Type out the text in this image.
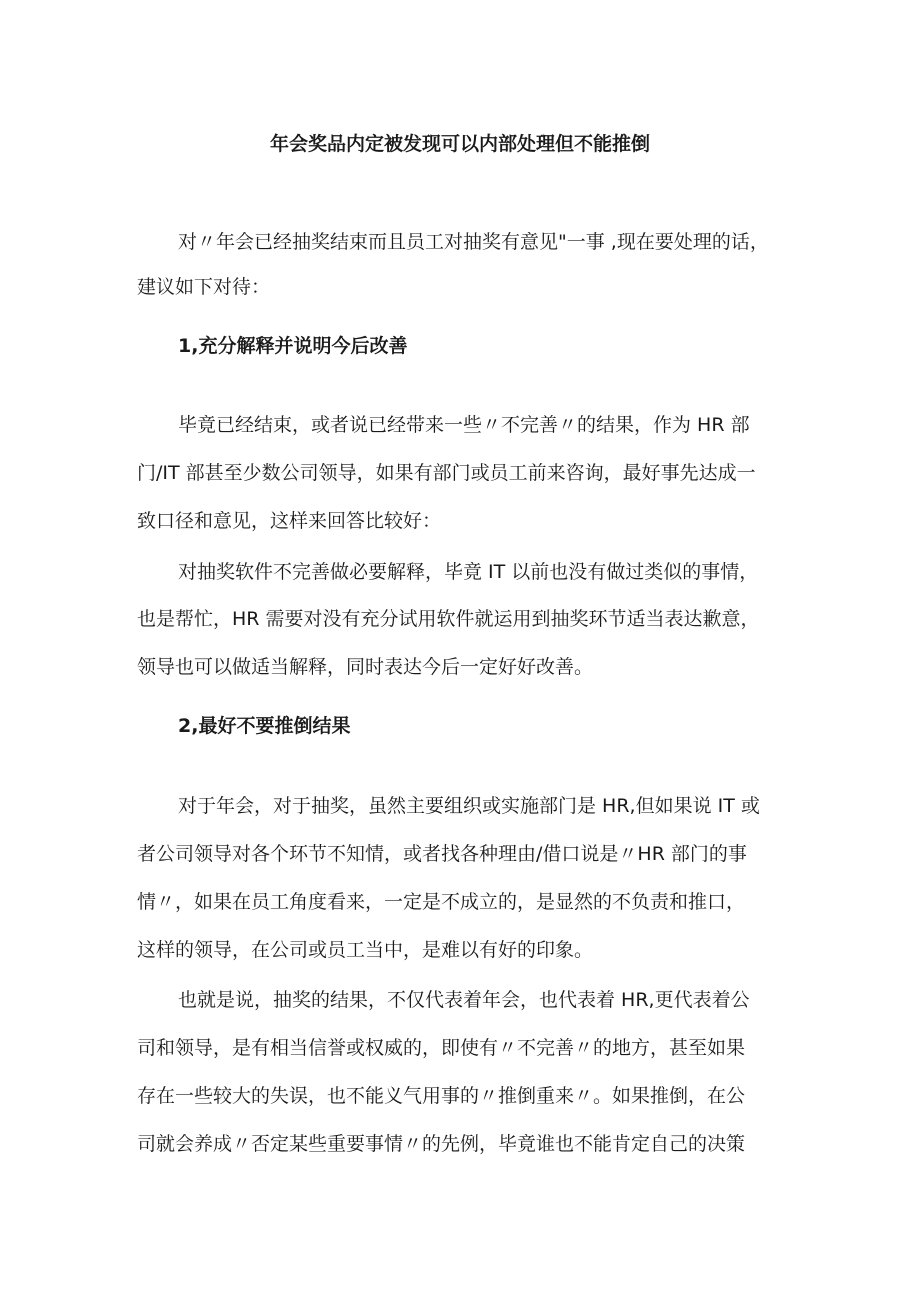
年会奖品内定被发现可以内部处理但不能推倒

对〃年会已经抽奖结束而且员工对抽奖有意见"一事 ,现在要处理的话，

建议如下对待：

1,充分解释并说明今后改善

毕竟已经结束，或者说已经带来一些〃不完善〃的结果，作为 HR 部

门/IT 部甚至少数公司领导，如果有部门或员工前来咨询，最好事先达成一

致口径和意见，这样来回答比较好：

对抽奖软件不完善做必要解释，毕竟 IT 以前也没有做过类似的事情，

也是帮忙，HR 需要对没有充分试用软件就运用到抽奖环节适当表达歉意，

领导也可以做适当解释，同时表达今后一定好好改善。

2,最好不要推倒结果

对于年会，对于抽奖，虽然主要组织或实施部门是 HR,但如果说 IT 或

者公司领导对各个环节不知情，或者找各种理由/借口说是〃HR 部门的事

情〃，如果在员工角度看来，一定是不成立的，是显然的不负责和推口，

这样的领导，在公司或员工当中，是难以有好的印象。

也就是说，抽奖的结果，不仅代表着年会，也代表着 HR,更代表着公

司和领导，是有相当信誉或权威的，即使有〃不完善〃的地方，甚至如果

存在一些较大的失误，也不能义气用事的〃推倒重来〃。如果推倒，在公

司就会养成〃否定某些重要事情〃的先例，毕竟谁也不能肯定自己的决策
